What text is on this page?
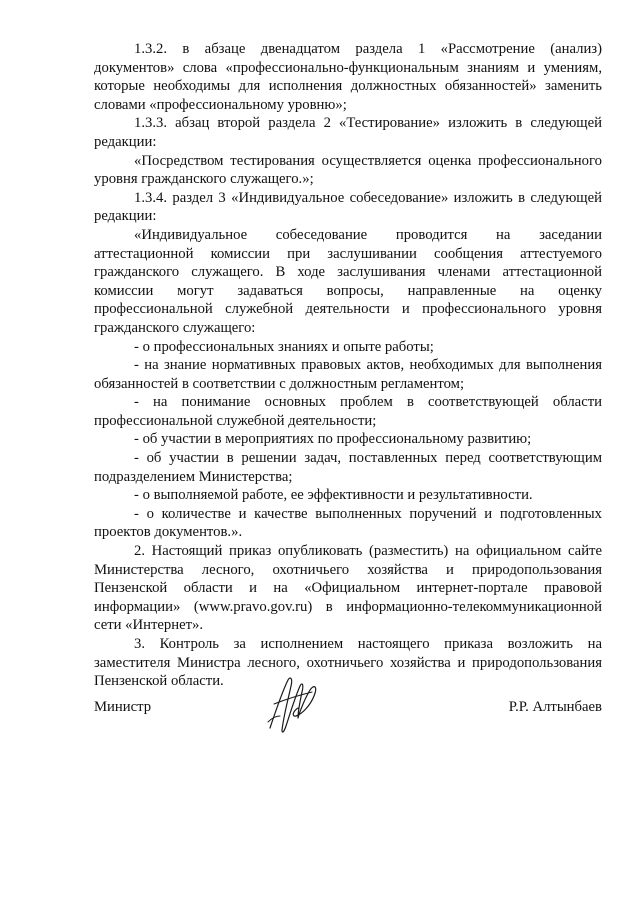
1.3.2. в абзаце двенадцатом раздела 1 «Рассмотрение (анализ) документов» слова «профессионально-функциональным знаниям и умениям, которые необходимы для исполнения должностных обязанностей» заменить словами «профессиональному уровню»;

1.3.3. абзац второй раздела 2 «Тестирование» изложить в следующей редакции:

«Посредством тестирования осуществляется оценка профессионального уровня гражданского служащего.»;

1.3.4. раздел 3 «Индивидуальное собеседование» изложить в следующей редакции:

«Индивидуальное собеседование проводится на заседании аттестационной комиссии при заслушивании сообщения аттестуемого гражданского служащего. В ходе заслушивания членами аттестационной комиссии могут задаваться вопросы, направленные на оценку профессиональной служебной деятельности и профессионального уровня гражданского служащего:

- о профессиональных знаниях и опыте работы;

- на знание нормативных правовых актов, необходимых для выполнения обязанностей в соответствии с должностным регламентом;

- на понимание основных проблем в соответствующей области профессиональной служебной деятельности;

- об участии в мероприятиях по профессиональному развитию;

- об участии в решении задач, поставленных перед соответствующим подразделением Министерства;

- о выполняемой работе, ее эффективности и результативности.

- о количестве и качестве выполненных поручений и подготовленных проектов документов.».

2. Настоящий приказ опубликовать (разместить) на официальном сайте Министерства лесного, охотничьего хозяйства и природопользования Пензенской области и на «Официальном интернет-портале правовой информации» (www.pravo.gov.ru) в информационно-телекоммуникационной сети «Интернет».

3. Контроль за исполнением настоящего приказа возложить на заместителя Министра лесного, охотничьего хозяйства и природопользования Пензенской области.

Министр	Р.Р. Алтынбаев
